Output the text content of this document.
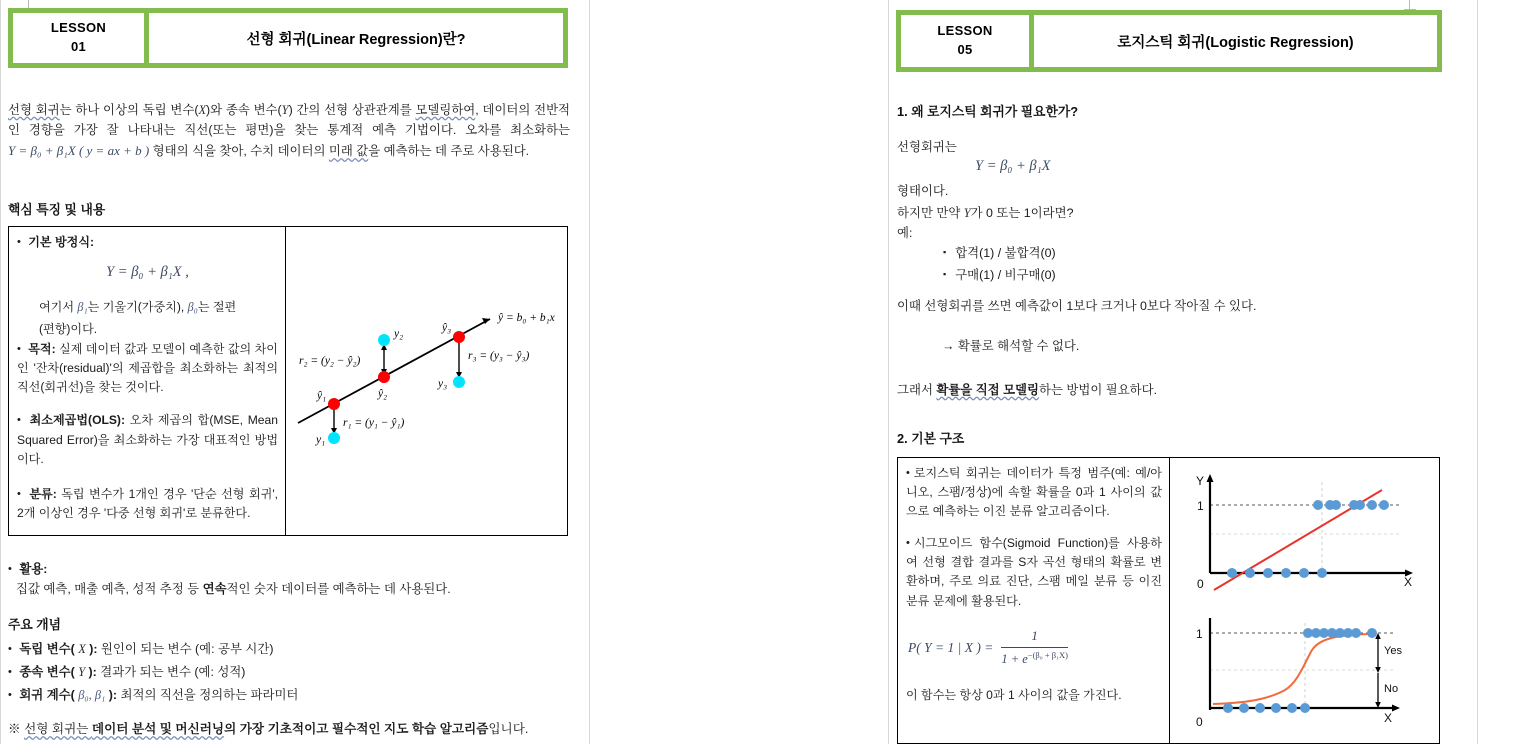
LESSON
01	선형 회귀(Linear Regression)란?
선형 회귀는 하나 이상의 독립 변수(X)와 종속 변수(Y) 간의 선형 상관관계를 모델링하여, 데이터의 전반적인 경향을 가장 잘 나타내는 직선(또는 평면)을 찾는 통계적 예측 기법이다. 오차를 최소화하는 Y = β₀ + β₁X ( y = ax + b ) 형태의 식을 찾아, 수치 데이터의 미래 값을 예측하는 데 주로 사용된다.
핵심 특징 및 내용
• 기본 방정식:
Y = β₀ + β₁X ,
여기서 β₁는 기울기(가중치), β₀는 절편
(편향)이다.
• 목적: 실제 데이터 값과 모델이 예측한 값의 차이인 '잔차(residual)'의 제곱합을 최소화하는 최적의 직선(회귀선)을 찾는 것이다.
• 최소제곱법(OLS): 오차 제곱의 합(MSE, Mean Squared Error)을 최소화하는 가장 대표적인 방법이다.
• 분류: 독립 변수가 1개인 경우 '단순 선형 회귀', 2개 이상인 경우 '다중 선형 회귀'로 분류한다.
ŷ = b₀ + b₁x
r₁ = (y₁ − ŷ₁)
r₂ = (y₂ − ŷ₂)	r₃ = (y₃ − ŷ₃)
ŷ₁	ŷ₂
ŷ₃
y₁
y₂
y₃
• 활용:
집값 예측, 매출 예측, 성적 추정 등 연속적인 숫자 데이터를 예측하는 데 사용된다.
주요 개념
• 독립 변수( X ): 원인이 되는 변수 (예: 공부 시간)
• 종속 변수( Y ): 결과가 되는 변수 (예: 성적)
• 회귀 계수( β₀, β₁ ): 최적의 직선을 정의하는 파라미터
※ 선형 회귀는 데이터 분석 및 머신러닝의 가장 기초적이고 필수적인 지도 학습 알고리즘입니다.
LESSON
05	로지스틱 회귀(Logistic Regression)
1. 왜 로지스틱 회귀가 필요한가?
선형회귀는
Y = β₀ + β₁X
형태이다.
하지만 만약 Y가 0 또는 1이라면?
예:
▪ 합격(1) / 불합격(0)
▪ 구매(1) / 비구매(0)
이때 선형회귀를 쓰면 예측값이 1보다 크거나 0보다 작아질 수 있다.
→ 확률로 해석할 수 없다.
그래서 확률을 직접 모델링하는 방법이 필요하다.
2. 기본 구조
• 로지스틱 회귀는 데이터가 특정 범주(예: 예/아니오, 스팸/정상)에 속할 확률을 0과 1 사이의 값으로 예측하는 이진 분류 알고리즘이다.
• 시그모이드 함수(Sigmoid Function)를 사용하여 선형 결합 결과를 S자 곡선 형태의 확률로 변환하며, 주로 의료 진단, 스팸 메일 분류 등 이진 분류 문제에 활용된다.
P( Y = 1 | X ) = $\frac{1}{1 + e^{-(\beta_0 + \beta_1X)}}$
이 함수는 항상 0과 1 사이의 값을 가진다.
Y
X
1
0
Yes
No
X
1
0
